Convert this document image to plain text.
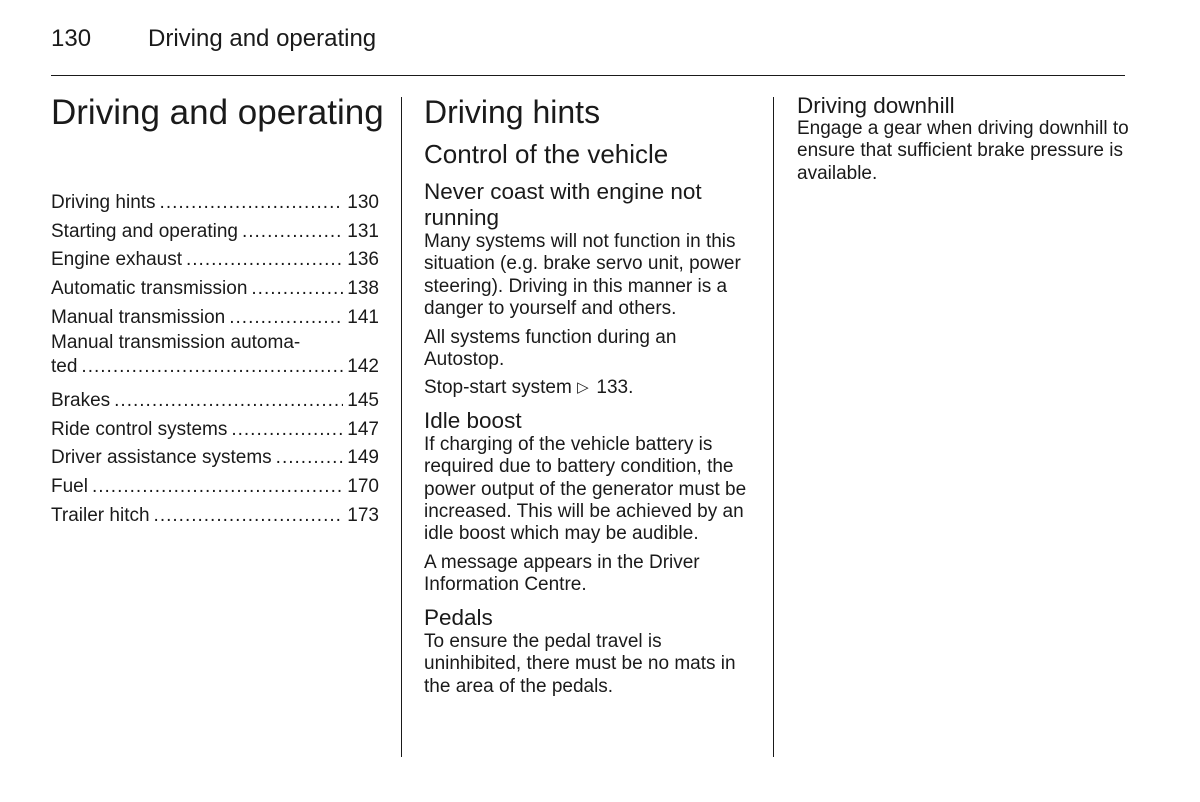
130 Driving and operating
Driving and operating
Driving hints .....	130
Starting and operating .....	131
Engine exhaust .....	136
Automatic transmission .....	138
Manual transmission .....	141
Manual transmission automa-
ted .....	142
Brakes .....	145
Ride control systems .....	147
Driver assistance systems .....	149
Fuel .....	170
Trailer hitch .....	173
Driving hints
Control of the vehicle
Never coast with engine not running

Many systems will not function in this situation (e.g. brake servo unit, power steering). Driving in this manner is a danger to yourself and others.

All systems function during an Autostop.

Stop-start system ▷ 133.

Idle boost

If charging of the vehicle battery is required due to battery condition, the power output of the generator must be increased. This will be achieved by an idle boost which may be audible.

A message appears in the Driver Information Centre.

Pedals

To ensure the pedal travel is uninhibited, there must be no mats in the area of the pedals.

Driving downhill

Engage a gear when driving downhill to ensure that sufficient brake pressure is available.
